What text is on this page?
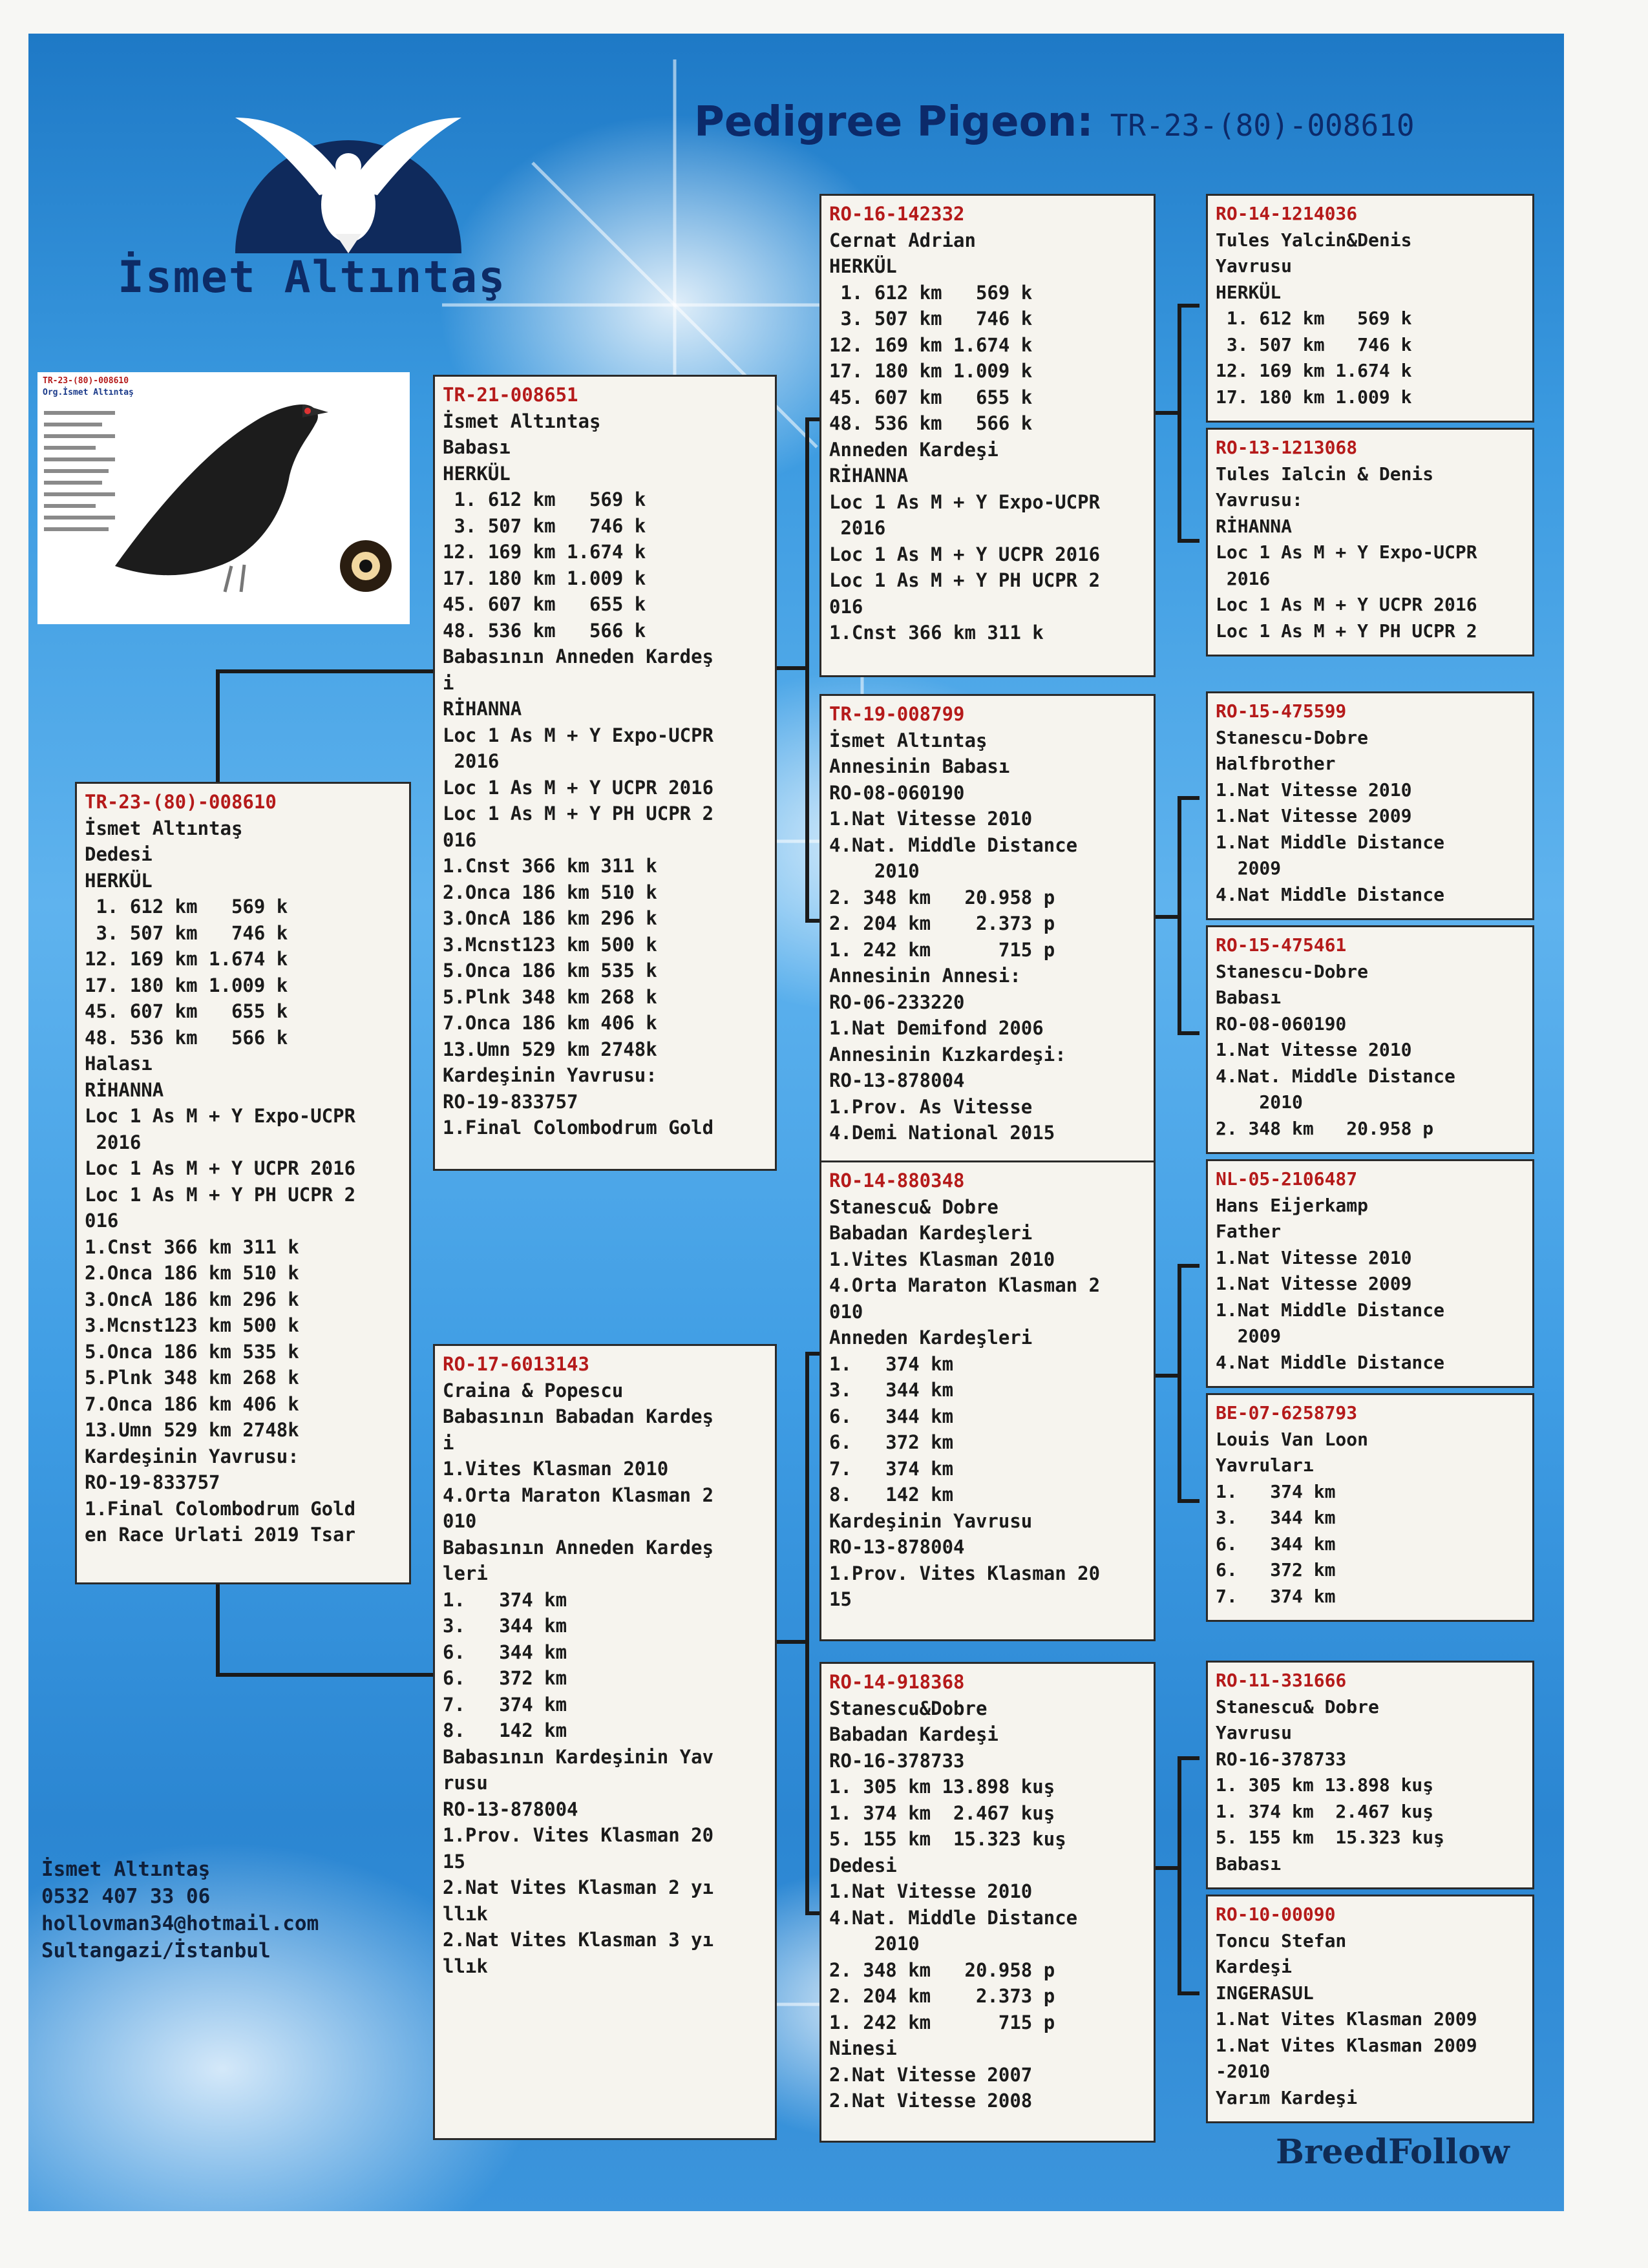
İsmet Altıntaş
Pedigree Pigeon: TR-23-(80)-008610
TR-23-(80)-008610
Org.İsmet Altıntaş
TR-23-(80)-008610
İsmet Altıntaş
Dedesi
HERKÜL
1. 612 km   569 k
3. 507 km   746 k
12. 169 km 1.674 k
17. 180 km 1.009 k
45. 607 km   655 k
48. 536 km   566 k
Halası
RİHANNA
Loc 1 As M + Y Expo-UCPR
2016
Loc 1 As M + Y UCPR 2016
Loc 1 As M + Y PH UCPR 2
016
1.Cnst 366 km 311 k
2.Onca 186 km 510 k
3.OncA 186 km 296 k
3.Mcnst123 km 500 k
5.Onca 186 km 535 k
5.Plnk 348 km 268 k
7.Onca 186 km 406 k
13.Umn 529 km 2748k
Kardeşinin Yavrusu:
RO-19-833757
1.Final Colombodrum Gold
en Race Urlati 2019 Tsar
TR-21-008651
İsmet Altıntaş
Babası
HERKÜL
1. 612 km   569 k
3. 507 km   746 k
12. 169 km 1.674 k
17. 180 km 1.009 k
45. 607 km   655 k
48. 536 km   566 k
Babasının Anneden Kardeş
i
RİHANNA
Loc 1 As M + Y Expo-UCPR
2016
Loc 1 As M + Y UCPR 2016
Loc 1 As M + Y PH UCPR 2
016
1.Cnst 366 km 311 k
2.Onca 186 km 510 k
3.OncA 186 km 296 k
3.Mcnst123 km 500 k
5.Onca 186 km 535 k
5.Plnk 348 km 268 k
7.Onca 186 km 406 k
13.Umn 529 km 2748k
Kardeşinin Yavrusu:
RO-19-833757
1.Final Colombodrum Gold
RO-17-6013143
Craina & Popescu
Babasının Babadan Kardeş
i
1.Vites Klasman 2010
4.Orta Maraton Klasman 2
010
Babasının Anneden Kardeş
leri
1.   374 km
3.   344 km
6.   344 km
6.   372 km
7.   374 km
8.   142 km
Babasının Kardeşinin Yav
rusu
RO-13-878004
1.Prov. Vites Klasman 20
15
2.Nat Vites Klasman 2 yı
llık
2.Nat Vites Klasman 3 yı
llık
RO-16-142332
Cernat Adrian
HERKÜL
1. 612 km   569 k
3. 507 km   746 k
12. 169 km 1.674 k
17. 180 km 1.009 k
45. 607 km   655 k
48. 536 km   566 k
Anneden Kardeşi
RİHANNA
Loc 1 As M + Y Expo-UCPR
2016
Loc 1 As M + Y UCPR 2016
Loc 1 As M + Y PH UCPR 2
016
1.Cnst 366 km 311 k
TR-19-008799
İsmet Altıntaş
Annesinin Babası
RO-08-060190
1.Nat Vitesse 2010
4.Nat. Middle Distance
2010
2. 348 km   20.958 p
2. 204 km    2.373 p
1. 242 km      715 p
Annesinin Annesi:
RO-06-233220
1.Nat Demifond 2006
Annesinin Kızkardeşi:
RO-13-878004
1.Prov. As Vitesse
4.Demi National 2015
RO-14-880348
Stanescu& Dobre
Babadan Kardeşleri
1.Vites Klasman 2010
4.Orta Maraton Klasman 2
010
Anneden Kardeşleri
1.   374 km
3.   344 km
6.   344 km
6.   372 km
7.   374 km
8.   142 km
Kardeşinin Yavrusu
RO-13-878004
1.Prov. Vites Klasman 20
15
RO-14-918368
Stanescu&Dobre
Babadan Kardeşi
RO-16-378733
1. 305 km 13.898 kuş
1. 374 km  2.467 kuş
5. 155 km  15.323 kuş
Dedesi
1.Nat Vitesse 2010
4.Nat. Middle Distance
2010
2. 348 km   20.958 p
2. 204 km    2.373 p
1. 242 km      715 p
Ninesi
2.Nat Vitesse 2007
2.Nat Vitesse 2008
RO-14-1214036
Tules Yalcin&Denis
Yavrusu
HERKÜL
1. 612 km   569 k
3. 507 km   746 k
12. 169 km 1.674 k
17. 180 km 1.009 k
RO-13-1213068
Tules Ialcin & Denis
Yavrusu:
RİHANNA
Loc 1 As M + Y Expo-UCPR
2016
Loc 1 As M + Y UCPR 2016
Loc 1 As M + Y PH UCPR 2
RO-15-475599
Stanescu-Dobre
Halfbrother
1.Nat Vitesse 2010
1.Nat Vitesse 2009
1.Nat Middle Distance
2009
4.Nat Middle Distance
RO-15-475461
Stanescu-Dobre
Babası
RO-08-060190
1.Nat Vitesse 2010
4.Nat. Middle Distance
2010
2. 348 km   20.958 p
NL-05-2106487
Hans Eijerkamp
Father
1.Nat Vitesse 2010
1.Nat Vitesse 2009
1.Nat Middle Distance
2009
4.Nat Middle Distance
BE-07-6258793
Louis Van Loon
Yavruları
1.   374 km
3.   344 km
6.   344 km
6.   372 km
7.   374 km
RO-11-331666
Stanescu& Dobre
Yavrusu
RO-16-378733
1. 305 km 13.898 kuş
1. 374 km  2.467 kuş
5. 155 km  15.323 kuş
Babası
RO-10-00090
Toncu Stefan
Kardeşi
INGERASUL
1.Nat Vites Klasman 2009
1.Nat Vites Klasman 2009
-2010
Yarım Kardeşi
İsmet Altıntaş
0532 407 33 06
hollovman34@hotmail.com
Sultangazi/İstanbul
BreedFollow
